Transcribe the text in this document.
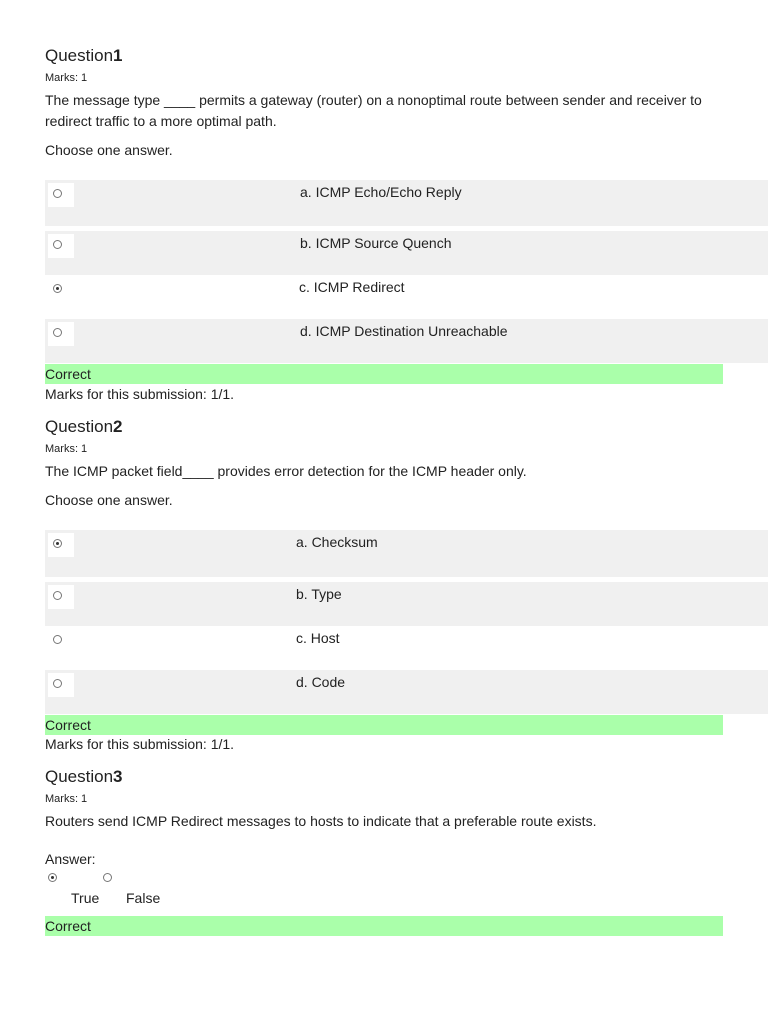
Question1
Marks: 1
The message type ____ permits a gateway (router) on a nonoptimal route between sender and receiver to redirect traffic to a more optimal path.
Choose one answer.
a. ICMP Echo/Echo Reply
b. ICMP Source Quench
c. ICMP Redirect
d. ICMP Destination Unreachable
Correct
Marks for this submission: 1/1.
Question2
Marks: 1
The ICMP packet field____ provides error detection for the ICMP header only.
Choose one answer.
a. Checksum
b. Type
c. Host
d. Code
Correct
Marks for this submission: 1/1.
Question3
Marks: 1
Routers send ICMP Redirect messages to hosts to indicate that a preferable route exists.
Answer:
True False
Correct
